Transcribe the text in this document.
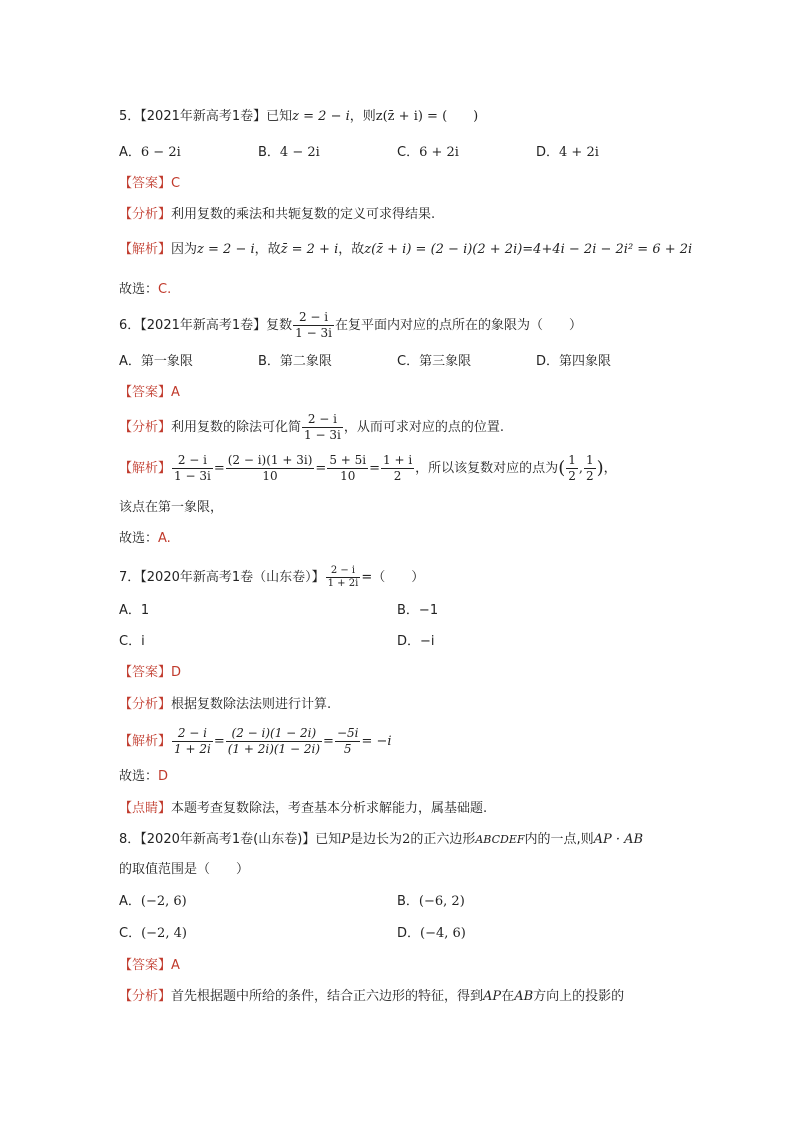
5．【2021年新高考1卷】已知z = 2 − i，则z(z̄ + i) = (　　)
A．6 − 2i	B．4 − 2i	C．6 + 2i	D．4 + 2i
【答案】C
【分析】利用复数的乘法和共轭复数的定义可求得结果.
【解析】因为z = 2 − i，故z̄ = 2 + i，故z(z̄ + i) = (2 − i)(2 + 2i)=4+4i − 2i − 2i² = 6 + 2i
故选：C.
6．【2021年新高考1卷】复数 $\frac{2 - i}{1 - 3i}$ 在复平面内对应的点所在的象限为（　　）
A．第一象限	B．第二象限	C．第三象限	D．第四象限
【答案】A
【分析】利用复数的除法可化简 $\frac{2 - i}{1 - 3i}$ ，从而可求对应的点的位置.
【解析】 $\frac{2 - i}{1 - 3i} = \frac{(2 - i)(1 + 3i)}{10} = \frac{5 + 5i}{10} = \frac{1 + i}{2}$ ，所以该复数对应的点为( $\frac{1}{2}$ , $\frac{1}{2}$ )，
该点在第一象限，
故选：A.
7．【2020年新高考1卷（山东卷）】 $\frac{2 - i}{1 + 2i}$ =（　　）
A．1	B．−1
C．i	D．−i
【答案】D
【分析】根据复数除法法则进行计算.
【解析】 $\frac{2 - i}{1 + 2i} = \frac{(2 - i)(1 - 2i)}{(1 + 2i)(1 - 2i)} = \frac{-5i}{5} = -i$
故选：D
【点睛】本题考查复数除法，考查基本分析求解能力，属基础题.
8．【2020年新高考1卷(山东卷)】已知P是边长为2的正六边形ABCDEF内的一点,则AP · AB
的取值范围是（　　）
A．(−2, 6)	B．(−6, 2)
C．(−2, 4)	D．(−4, 6)
【答案】A
【分析】首先根据题中所给的条件，结合正六边形的特征，得到AP在AB方向上的投影的
